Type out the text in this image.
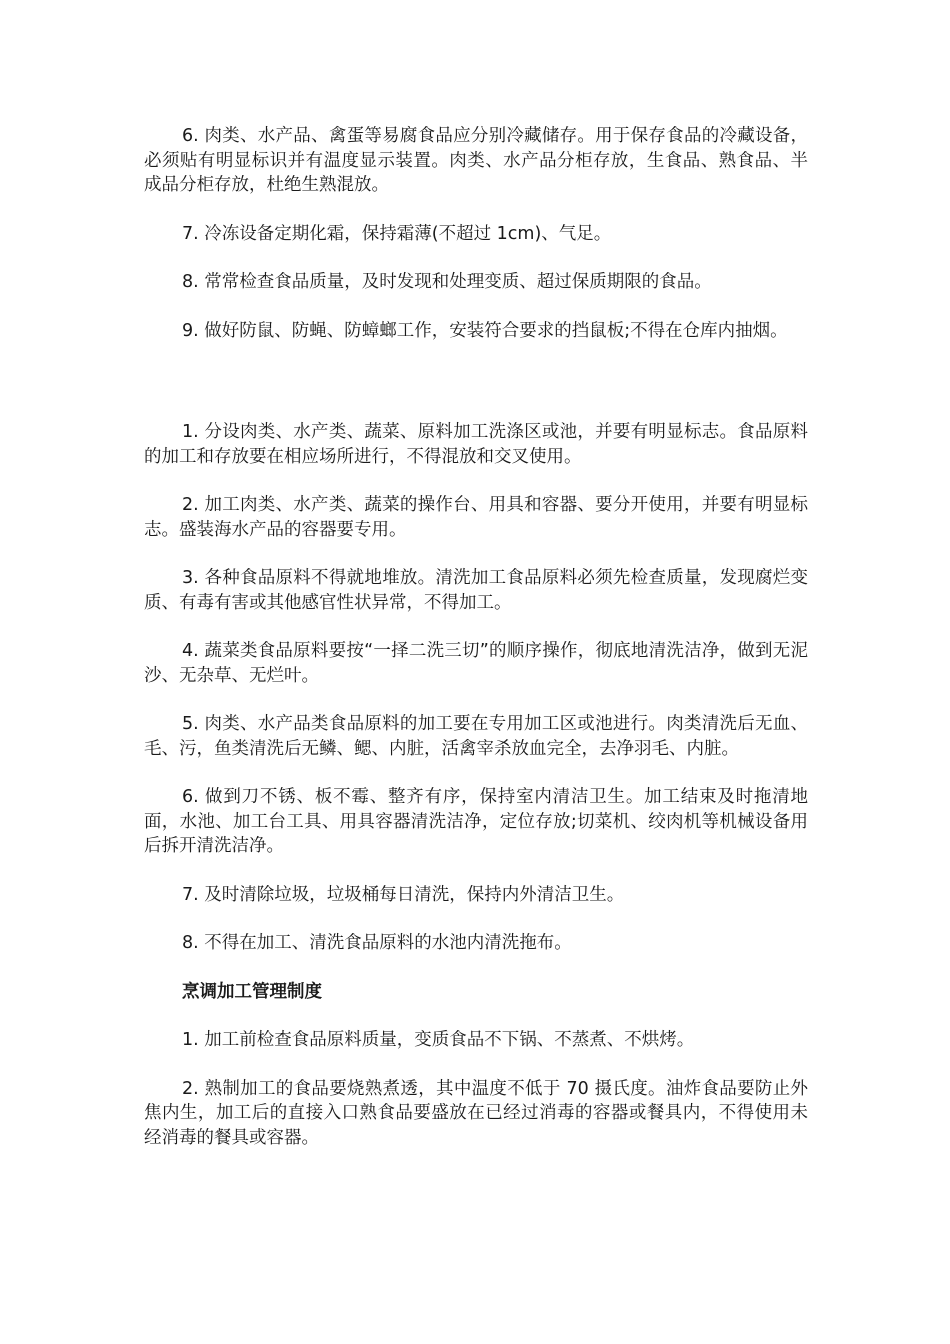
6. 肉类、水产品、禽蛋等易腐食品应分别冷藏储存。用于保存食品的冷藏设备，必须贴有明显标识并有温度显示装置。肉类、水产品分柜存放，生食品、熟食品、半成品分柜存放，杜绝生熟混放。

7. 冷冻设备定期化霜，保持霜薄(不超过 1cm)、气足。

8. 常常检查食品质量，及时发现和处理变质、超过保质期限的食品。

9. 做好防鼠、防蝇、防蟑螂工作，安装符合要求的挡鼠板;不得在仓库内抽烟。

1. 分设肉类、水产类、蔬菜、原料加工洗涤区或池，并要有明显标志。食品原料的加工和存放要在相应场所进行，不得混放和交叉使用。

2. 加工肉类、水产类、蔬菜的操作台、用具和容器、要分开使用，并要有明显标志。盛装海水产品的容器要专用。

3. 各种食品原料不得就地堆放。清洗加工食品原料必须先检查质量，发现腐烂变质、有毒有害或其他感官性状异常，不得加工。

4. 蔬菜类食品原料要按“一择二洗三切”的顺序操作，彻底地清洗洁净，做到无泥沙、无杂草、无烂叶。

5. 肉类、水产品类食品原料的加工要在专用加工区或池进行。肉类清洗后无血、毛、污，鱼类清洗后无鳞、鳃、内脏，活禽宰杀放血完全，去净羽毛、内脏。

6. 做到刀不锈、板不霉、整齐有序，保持室内清洁卫生。加工结束及时拖清地面，水池、加工台工具、用具容器清洗洁净，定位存放;切菜机、绞肉机等机械设备用后拆开清洗洁净。

7. 及时清除垃圾，垃圾桶每日清洗，保持内外清洁卫生。

8. 不得在加工、清洗食品原料的水池内清洗拖布。

烹调加工管理制度

1. 加工前检查食品原料质量，变质食品不下锅、不蒸煮、不烘烤。

2. 熟制加工的食品要烧熟煮透，其中温度不低于 70 摄氏度。油炸食品要防止外焦内生，加工后的直接入口熟食品要盛放在已经过消毒的容器或餐具内，不得使用未经消毒的餐具或容器。
